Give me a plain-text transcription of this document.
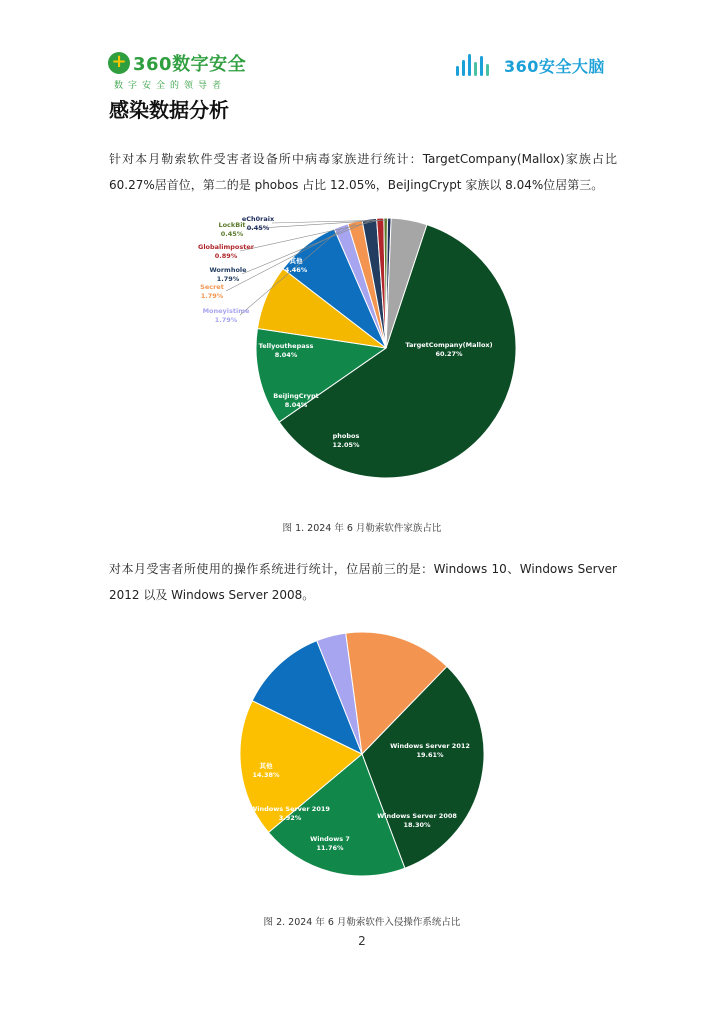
+360数字安全
数字安全的领导者
360安全大脑
感染数据分析
针对本月勒索软件受害者设备所中病毒家族进行统计：TargetCompany(Mallox)家族占比 60.27%居首位，第二的是 phobos 占比 12.05%，BeiJingCrypt 家族以 8.04%位居第三。
TargetCompany(Mallox)
60.27%
phobos
12.05%
BeiJingCrypt
8.04%
Tellyouthepass
8.04%
Moneyistime
1.79%
Secret
1.79%
Wormhole
1.79%
Globalimposter
0.89%
LockBit
0.45%
eCh0raix
0.45%
其他
4.46%
图 1. 2024 年 6 月勒索软件家族占比
对本月受害者所使用的操作系统进行统计，位居前三的是：Windows 10、Windows Server 2012 以及 Windows Server 2008。
Windows Server 2012
19.61%
Windows Server 2008
18.30%
Windows 7
11.76%
Windows Server 2019
3.92%
其他
14.38%
图 2. 2024 年 6 月勒索软件入侵操作系统占比
2
